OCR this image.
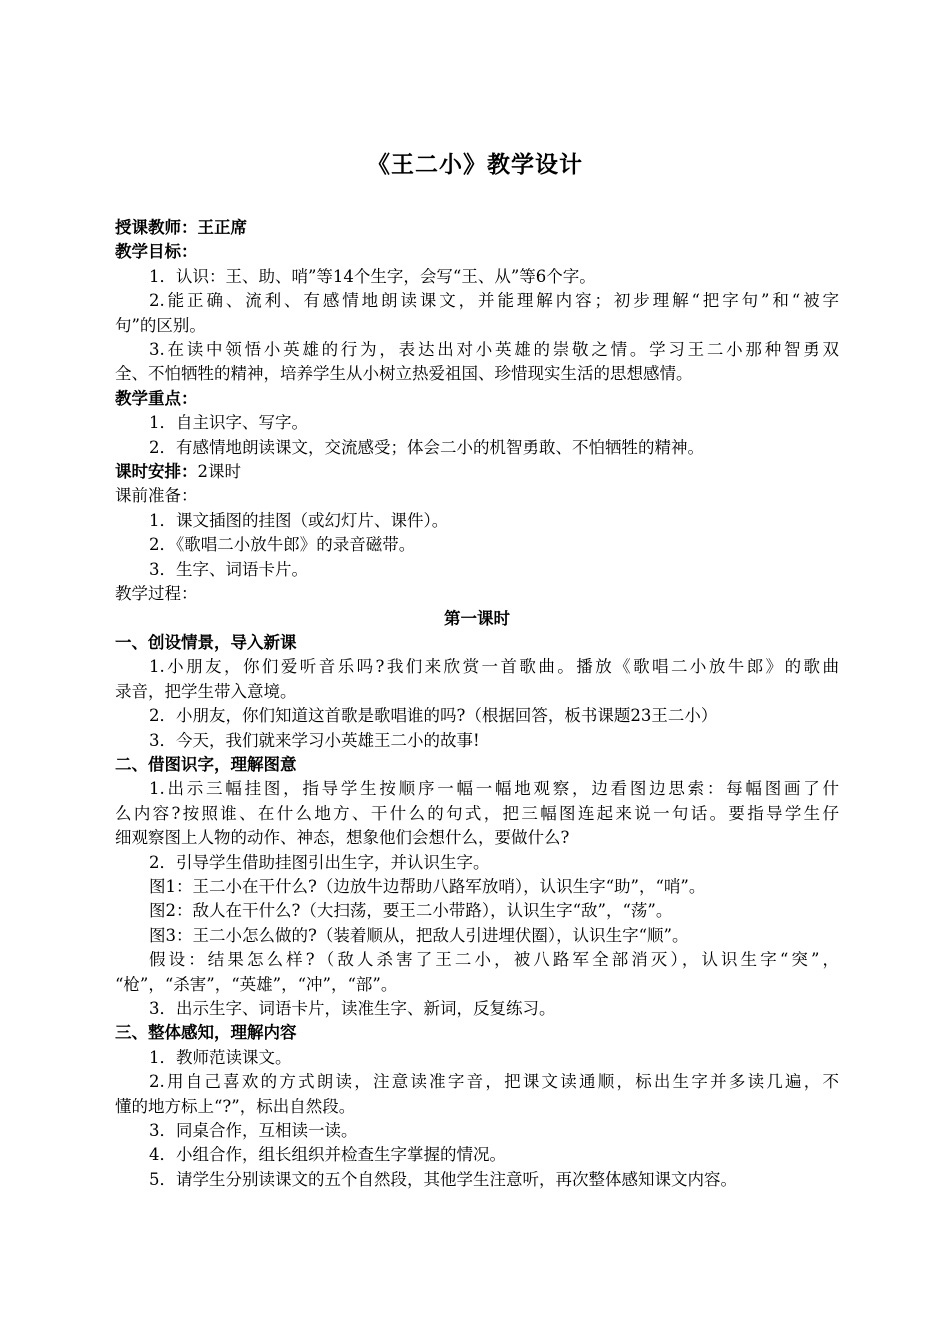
《王二小》教学设计
授课教师：王正席
教学目标：
1．认识：王、助、哨”等14个生字，会写“王、从”等6个字。
2.能正确、流利、有感情地朗读课文，并能理解内容；初步理解“把字句”和“被字
句”的区别。
3.在读中领悟小英雄的行为，表达出对小英雄的崇敬之情。学习王二小那种智勇双
全、不怕牺牲的精神，培养学生从小树立热爱祖国、珍惜现实生活的思想感情。
教学重点：
1．自主识字、写字。
2．有感情地朗读课文，交流感受；体会二小的机智勇敢、不怕牺牲的精神。
课时安排：2课时
课前准备：
1．课文插图的挂图（或幻灯片、课件）。
2．《歌唱二小放牛郎》的录音磁带。
3．生字、词语卡片。
教学过程：
第一课时
一、创设情景，导入新课
1.小朋友，你们爱听音乐吗?我们来欣赏一首歌曲。播放《歌唱二小放牛郎》的歌曲
录音，把学生带入意境。
2．小朋友，你们知道这首歌是歌唱谁的吗?（根据回答，板书课题23王二小）
3．今天，我们就来学习小英雄王二小的故事!
二、借图识字，理解图意
1.出示三幅挂图，指导学生按顺序一幅一幅地观察，边看图边思索：每幅图画了什
么内容?按照谁、在什么地方、干什么的句式，把三幅图连起来说一句话。要指导学生仔
细观察图上人物的动作、神态，想象他们会想什么，要做什么?
2．引导学生借助挂图引出生字，并认识生字。
图1：王二小在干什么?（边放牛边帮助八路军放哨），认识生字“助”，“哨”。
图2：敌人在干什么?（大扫荡，要王二小带路），认识生字“敌”，“荡”。
图3：王二小怎么做的?（装着顺从，把敌人引进埋伏圈），认识生字“顺”。
假设：结果怎么样?（敌人杀害了王二小，被八路军全部消灭），认识生字“突”，
“枪”，“杀害”，“英雄”，“冲”，“部”。
3．出示生字、词语卡片，读准生字、新词，反复练习。
三、整体感知，理解内容
1．教师范读课文。
2.用自己喜欢的方式朗读，注意读准字音，把课文读通顺，标出生字并多读几遍，不
懂的地方标上“?”，标出自然段。
3．同桌合作，互相读一读。
4．小组合作，组长组织并检查生字掌握的情况。
5．请学生分别读课文的五个自然段，其他学生注意听，再次整体感知课文内容。
